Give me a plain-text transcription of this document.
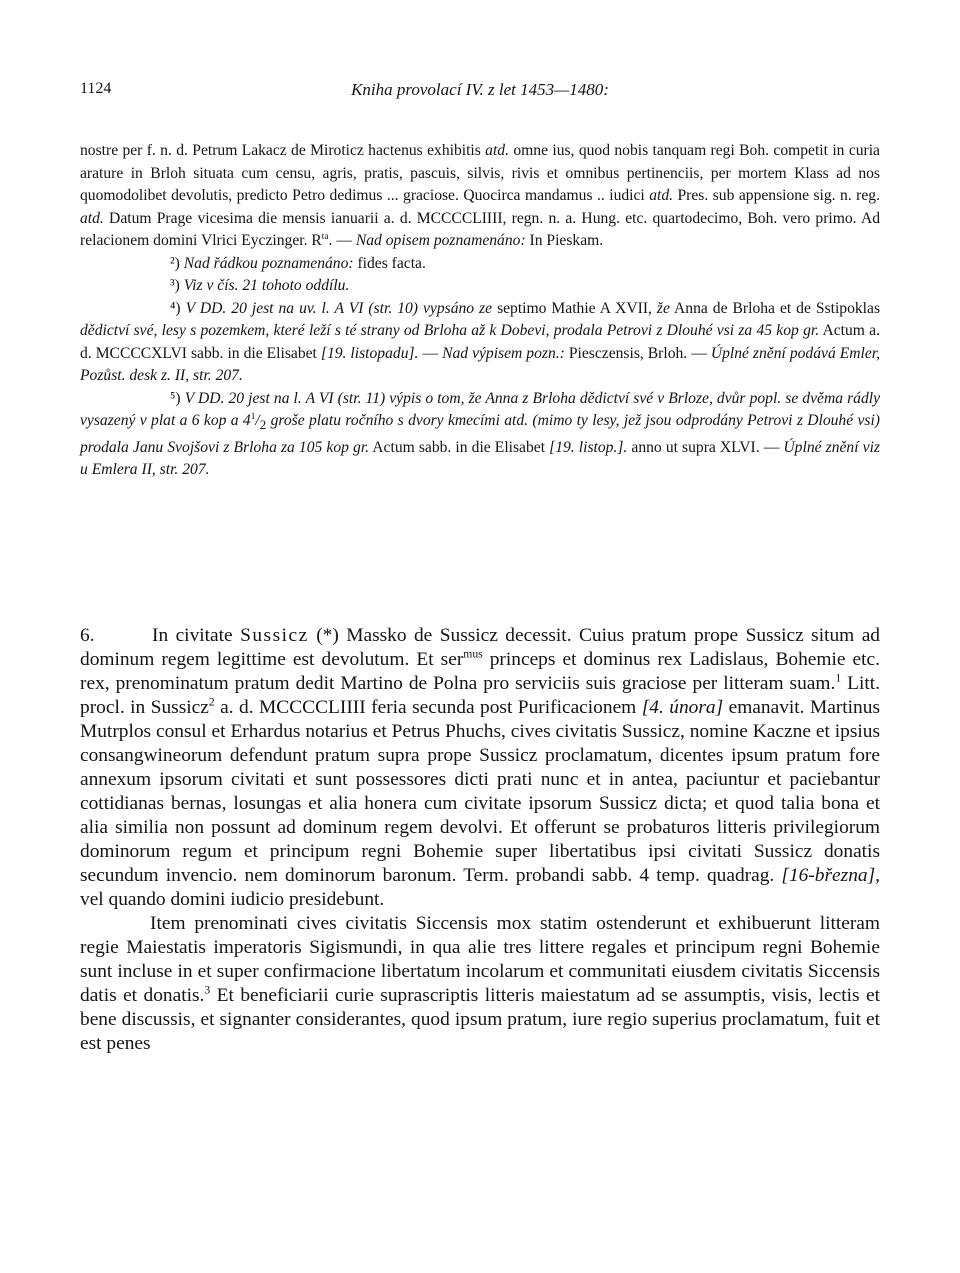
1124	Kniha provolací IV. z let 1453—1480:

nostre per f. n. d. Petrum Lakacz de Miroticz hactenus exhibitis atd. omne ius, quod nobis tanquam regi Boh. competit in curia arature in Brloh situata cum censu, agris, pratis, pascuis, silvis, rivis et omnibus pertinenciis, per mortem Klass ad nos quomodolibet devolutis, predicto Petro dedimus ... graciose. Quocirca mandamus .. iudici atd. Pres. sub appensione sig. n. reg. atd. Datum Prage vicesima die mensis ianuarii a. d. MCCCCLIIII, regn. n. a. Hung. etc. quartodecimo, Boh. vero primo. Ad relacionem domini Vlrici Eyczinger. $R^{ta}$. — Nad opisem poznamenáno: In Pieskam.

²) Nad řádkou poznamenáno: fides facta.

³) Viz v čís. 21 tohoto oddílu.

⁴) V DD. 20 jest na uv. l. A VI (str. 10) vypsáno ze septimo Mathie A XVII, že Anna de Brloha et de Sstipoklas dědictví své, lesy s pozemkem, které leží s té strany od Brloha až k Dobevi, prodala Petrovi z Dlouhé vsi za 45 kop gr. Actum a. d. MCCCCXLVI sabb. in die Elisabet [19. listopadu]. — Nad výpisem pozn.: Piesczensis, Brloh. — Úplné znění podává Emler, Pozůst. desk z. II, str. 207.

⁵) V DD. 20 jest na l. A VI (str. 11) výpis o tom, že Anna z Brloha dědictví své v Brloze, dvůr popl. se dvěma rádly vysazený v plat a 6 kop a $4^1/_2$ groše platu ročního s dvory kmecími atd. (mimo ty lesy, jež jsou odprodány Petrovi z Dlouhé vsi) prodala Janu Svojšovi z Brloha za 105 kop gr. Actum sabb. in die Elisabet [19. listop.]. anno ut supra XLVI. — Úplné znění viz u Emlera II, str. 207.

6.	In civitate Sussicz (*) Massko de Sussicz decessit. Cuius pratum prope Sussicz situm ad dominum regem legittime est devolutum. Et ser$^{mus}$ princeps et dominus rex Ladislaus, Bohemie etc. rex, prenominatum pratum dedit Martino de Polna pro serviciis suis graciose per litteram suam.$^1$ Litt. procl. in Sussicz$^2$ a. d. MCCCCLIIII feria secunda post Purificacionem [4. února] emanavit. Martinus Mutrplos consul et Erhardus notarius et Petrus Phuchs, cives civitatis Sussicz, nomine Kaczne et ipsius consangwineorum defendunt pratum supra prope Sussicz proclamatum, dicentes ipsum pratum fore annexum ipsorum civitati et sunt possessores dicti prati nunc et in antea, paciuntur et paciebantur cottidianas bernas, losungas et alia honera cum civitate ipsorum Sussicz dicta; et quod talia bona et alia similia non possunt ad dominum regem devolvi. Et offerunt se probaturos litteris privilegiorum dominorum regum et principum regni Bohemie super libertatibus ipsi civitati Sussicz donatis secundum invencio. nem dominorum baronum. Term. probandi sabb. 4 temp. quadrag. [16-března], vel quando domini iudicio presidebunt.

Item prenominati cives civitatis Siccensis mox statim ostenderunt et exhibuerunt litteram regie Maiestatis imperatoris Sigismundi, in qua alie tres littere regales et principum regni Bohemie sunt incluse in et super confirmacione libertatum incolarum et communitati eiusdem civitatis Siccensis datis et donatis.$^3$ Et beneficiarii curie suprascriptis litteris maiestatum ad se assumptis, visis, lectis et bene discussis, et signanter considerantes, quod ipsum pratum, iure regio superius proclamatum, fuit et est penes
